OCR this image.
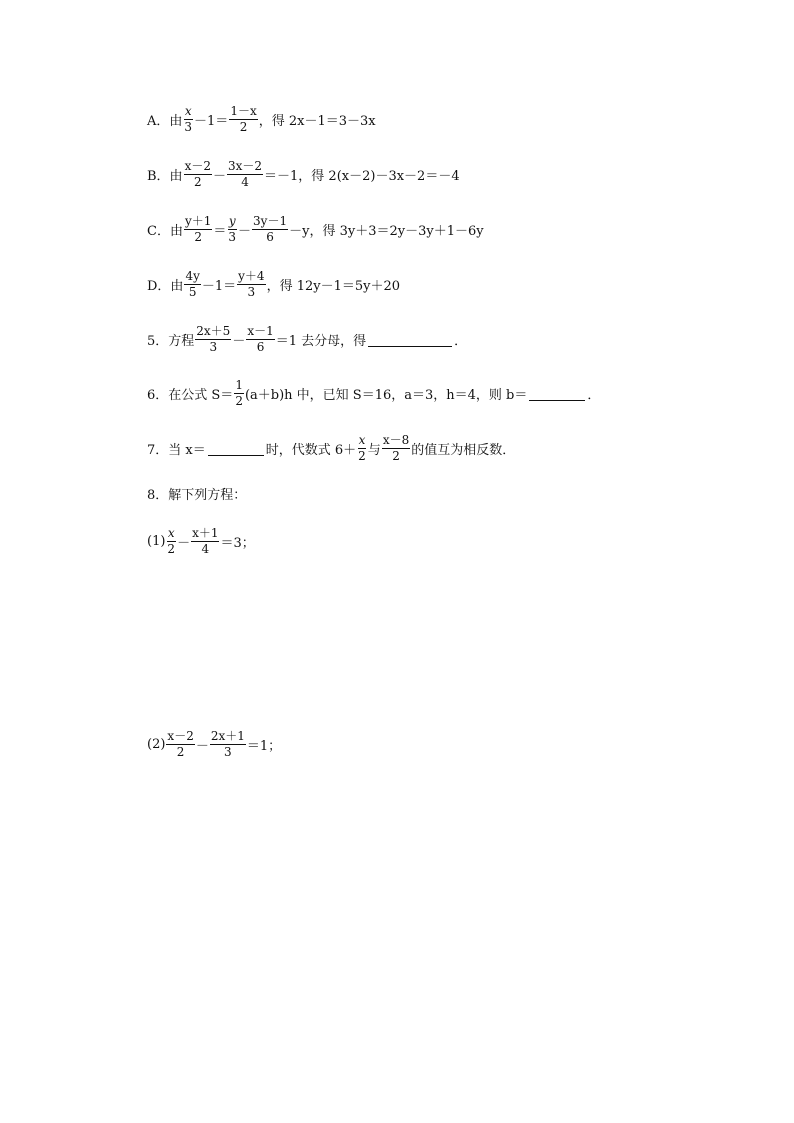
A．由 $\frac{x}{3} -1= \frac{1-x}{2}$ ，得 2x－1＝3－3x
B．由 $\frac{x-2}{2} - \frac{3x-2}{4} =-1$，得 2(x－2)－3x－2＝－4
C．由 $\frac{y+1}{2} = \frac{y}{3} - \frac{3y-1}{6} -y$，得 3y＋3＝2y－3y＋1－6y
D．由 $\frac{4y}{5} -1= \frac{y+4}{3}$ ，得 12y－1＝5y＋20
5．方程 $\frac{2x+5}{3} - \frac{x-1}{6} =1$ 去分母，得	．
6．在公式 $S= \frac{1}{2} (a+b)h$ 中，已知 S＝16，a＝3，h＝4，则 b＝	．
7．当 x＝	时，代数式 $6+ \frac{x}{2}$ 与 $\frac{x-8}{2}$ 的值互为相反数．
8．解下列方程：
$(1) \frac{x}{2} - \frac{x+1}{4} =3$；
$(2) \frac{x-2}{2} - \frac{2x+1}{3} =1$；
